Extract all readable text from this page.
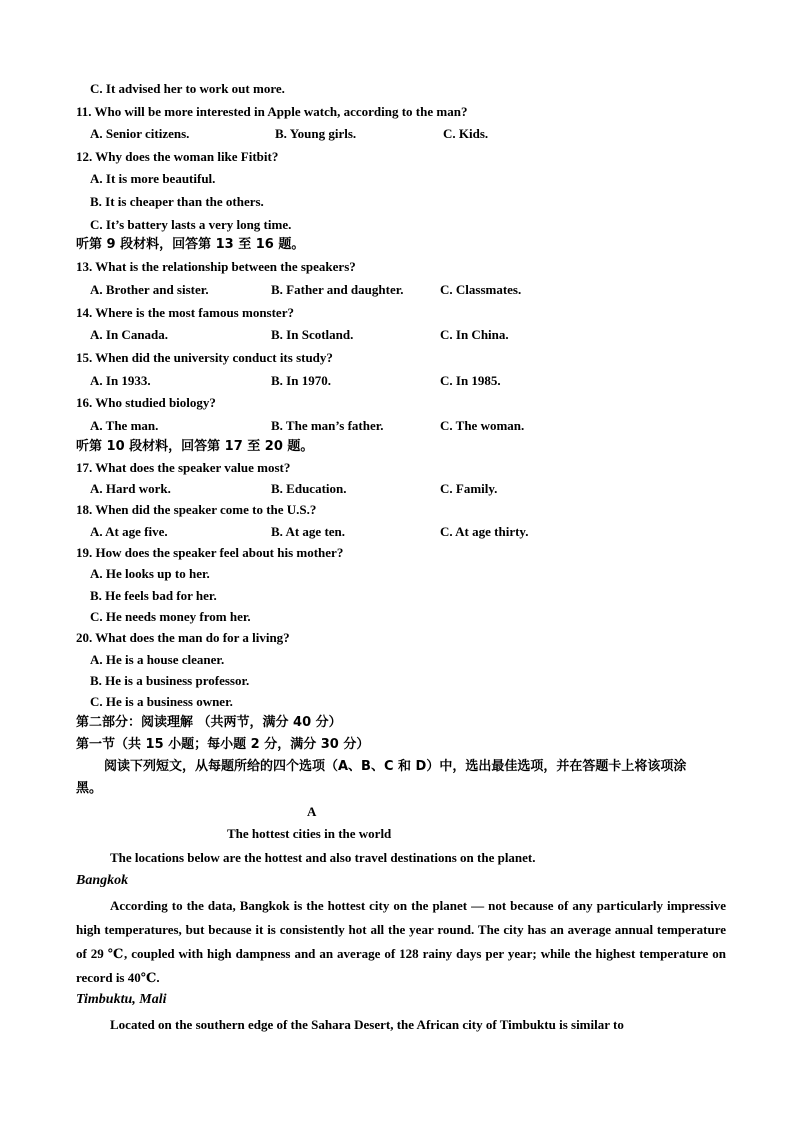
C. It advised her to work out more.
11. Who will be more interested in Apple watch, according to the man?
A. Senior citizens.	B. Young girls.	C. Kids.
12. Why does the woman like Fitbit?
A. It is more beautiful.
B. It is cheaper than the others.
C. It’s battery lasts a very long time.
听第 9 段材料，回答第 13 至 16 题。
13. What is the relationship between the speakers?
A. Brother and sister.	B. Father and daughter.	C. Classmates.
14. Where is the most famous monster?
A. In Canada.	B. In Scotland.	C. In China.
15. When did the university conduct its study?
A. In 1933.	B. In 1970.	C. In 1985.
16. Who studied biology?
A. The man.	B. The man’s father.	C. The woman.
听第 10 段材料，回答第 17 至 20 题。
17. What does the speaker value most?
A. Hard work.	B. Education.	C. Family.
18. When did the speaker come to the U.S.?
A. At age five.	B. At age ten.	C. At age thirty.
19. How does the speaker feel about his mother?
A. He looks up to her.
B. He feels bad for her.
C. He needs money from her.
20. What does the man do for a living?
A. He is a house cleaner.
B. He is a business professor.
C. He is a business owner.
第二部分：阅读理解 （共两节，满分 40 分）
第一节（共 15 小题；每小题 2 分，满分 30 分）
阅读下列短文，从每题所给的四个选项（A、B、C 和 D）中，选出最佳选项，并在答题卡上将该项涂
黑。
A
The hottest cities in the world
The locations below are the hottest and also travel destinations on the planet.
Bangkok
According to the data, Bangkok is the hottest city on the planet — not because of any particularly impressive high temperatures, but because it is consistently hot all the year round. The city has an average annual temperature of 29 ℃, coupled with high dampness and an average of 128 rainy days per year; while the highest temperature on record is 40℃.
Timbuktu, Mali
Located on the southern edge of the Sahara Desert, the African city of Timbuktu is similar to
